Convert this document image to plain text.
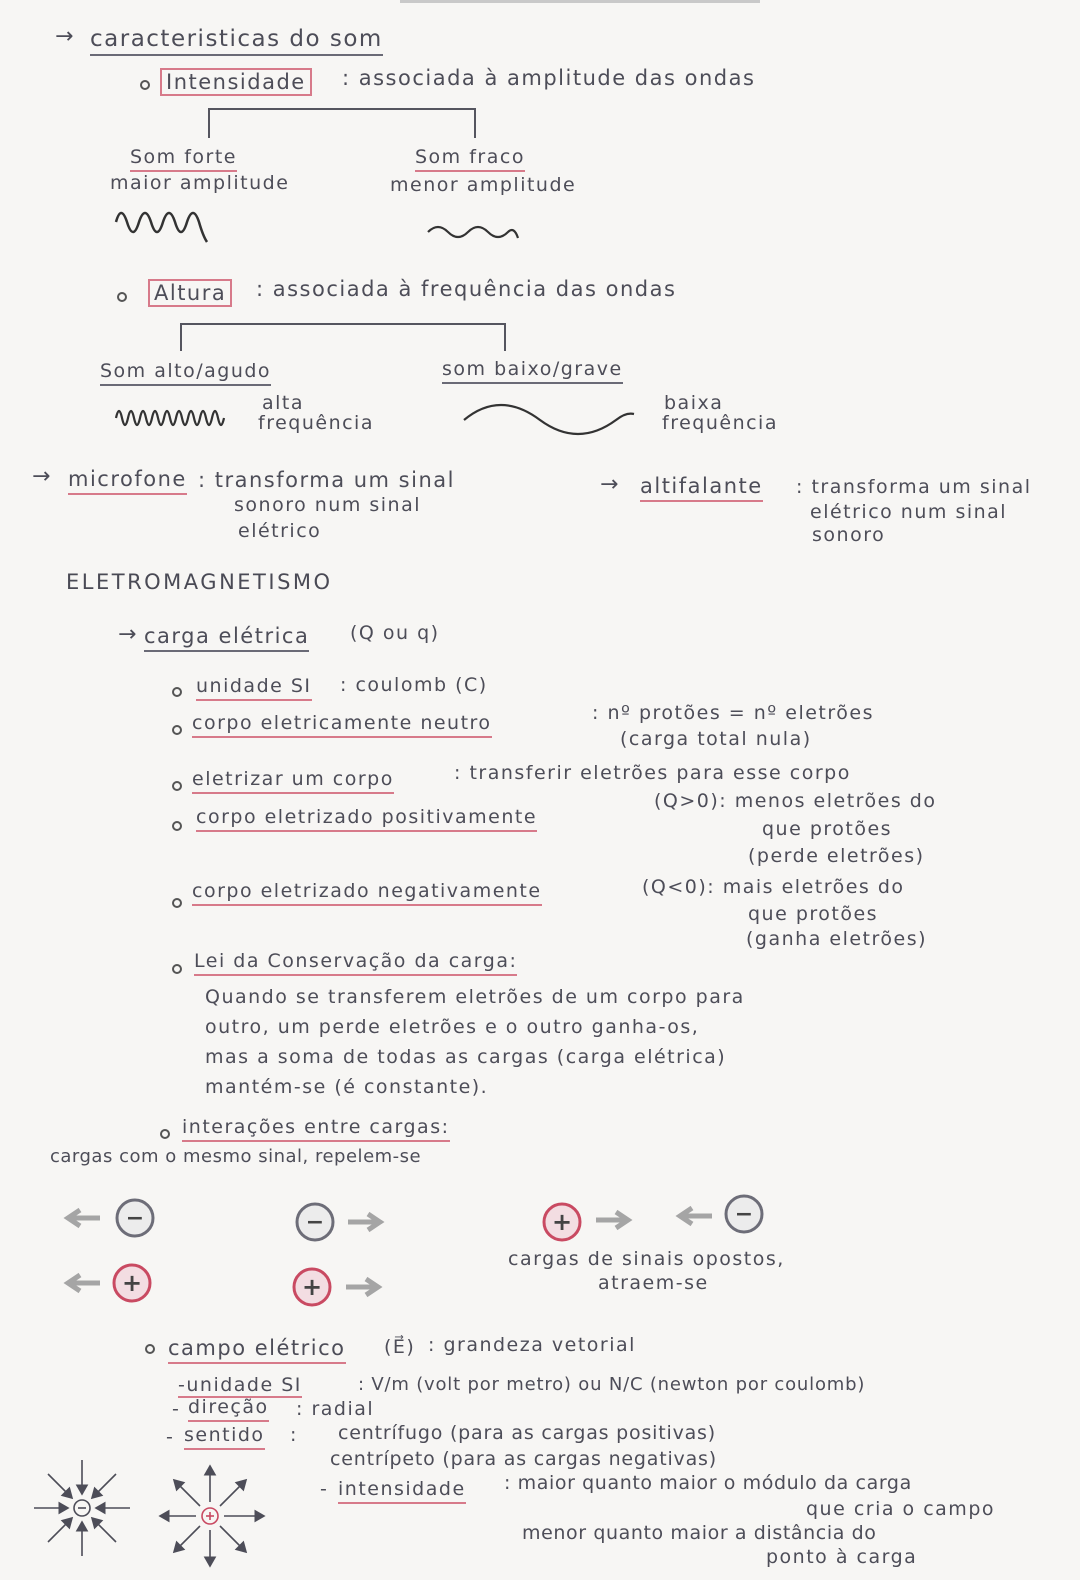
→ caracteristicas do som
Intensidade : associada à amplitude das ondas
Som forte
maior amplitude
Som fraco
menor amplitude
Altura : associada à frequência das ondas
Som alto/agudo
alta
frequência
som baixo/grave
baixa
frequência
→ microfone : transforma um sinal
sonoro num sinal
elétrico
→ altifalante : transforma um sinal
elétrico num sinal
sonoro
ELETROMAGNETISMO
→ carga elétrica (Q ou q)
unidade SI : coulomb (C)
corpo eletricamente neutro	: nº protões = nº eletrões
(carga total nula)
eletrizar um corpo	: transferir eletrões para esse corpo
corpo eletrizado positivamente
(Q>0): menos eletrões do
que protões
(perde eletrões)
corpo eletrizado negativamente	(Q<0): mais eletrões do
que protões
(ganha eletrões)
Lei da Conservação da carga:
Quando se transferem eletrões de um corpo para
outro, um perde eletrões e o outro ganha-os,
mas a soma de todas as cargas (carga elétrica)
mantém-se (é constante).
interações entre cargas:
cargas com o mesmo sinal, repelem-se
cargas de sinais opostos,
atraem-se
campo elétrico (E⃗) : grandeza vetorial
-unidade SI	: V/m (volt por metro) ou N/C (newton por coulomb)
- direção : radial
- sentido : centrífugo (para as cargas positivas)
centrípeto (para as cargas negativas)
- intensidade : maior quanto maior o módulo da carga
que cria o campo
menor quanto maior a distância do
ponto à carga
−	−
+	+
+	−
